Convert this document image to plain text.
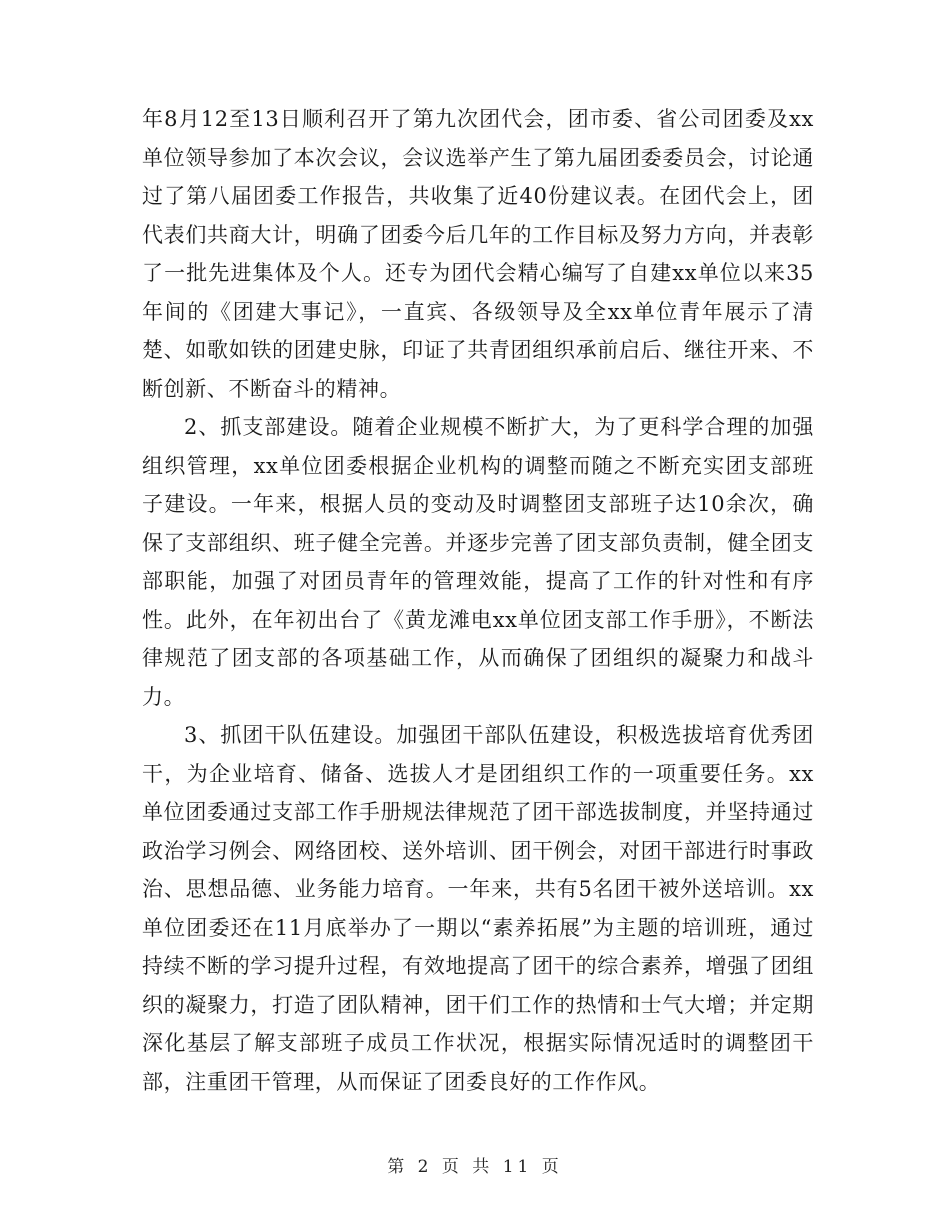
年8月12至13日顺利召开了第九次团代会，团市委、省公司团委及xx单位领导参加了本次会议，会议选举产生了第九届团委委员会，讨论通过了第八届团委工作报告，共收集了近40份建议表。在团代会上，团代表们共商大计，明确了团委今后几年的工作目标及努力方向，并表彰了一批先进集体及个人。还专为团代会精心编写了自建xx单位以来35年间的《团建大事记》，一直宾、各级领导及全xx单位青年展示了清楚、如歌如铁的团建史脉，印证了共青团组织承前启后、继往开来、不断创新、不断奋斗的精神。

2、抓支部建设。随着企业规模不断扩大，为了更科学合理的加强组织管理，xx单位团委根据企业机构的调整而随之不断充实团支部班子建设。一年来，根据人员的变动及时调整团支部班子达10余次，确保了支部组织、班子健全完善。并逐步完善了团支部负责制，健全团支部职能，加强了对团员青年的管理效能，提高了工作的针对性和有序性。此外，在年初出台了《黄龙滩电xx单位团支部工作手册》，不断法律规范了团支部的各项基础工作，从而确保了团组织的凝聚力和战斗力。

3、抓团干队伍建设。加强团干部队伍建设，积极选拔培育优秀团干，为企业培育、储备、选拔人才是团组织工作的一项重要任务。xx单位团委通过支部工作手册规法律规范了团干部选拔制度，并坚持通过政治学习例会、网络团校、送外培训、团干例会，对团干部进行时事政治、思想品德、业务能力培育。一年来，共有5名团干被外送培训。xx单位团委还在11月底举办了一期以“素养拓展”为主题的培训班，通过持续不断的学习提升过程，有效地提高了团干的综合素养，增强了团组织的凝聚力，打造了团队精神，团干们工作的热情和士气大增；并定期深化基层了解支部班子成员工作状况，根据实际情况适时的调整团干部，注重团干管理，从而保证了团委良好的工作作风。

第 2 页 共 11 页
